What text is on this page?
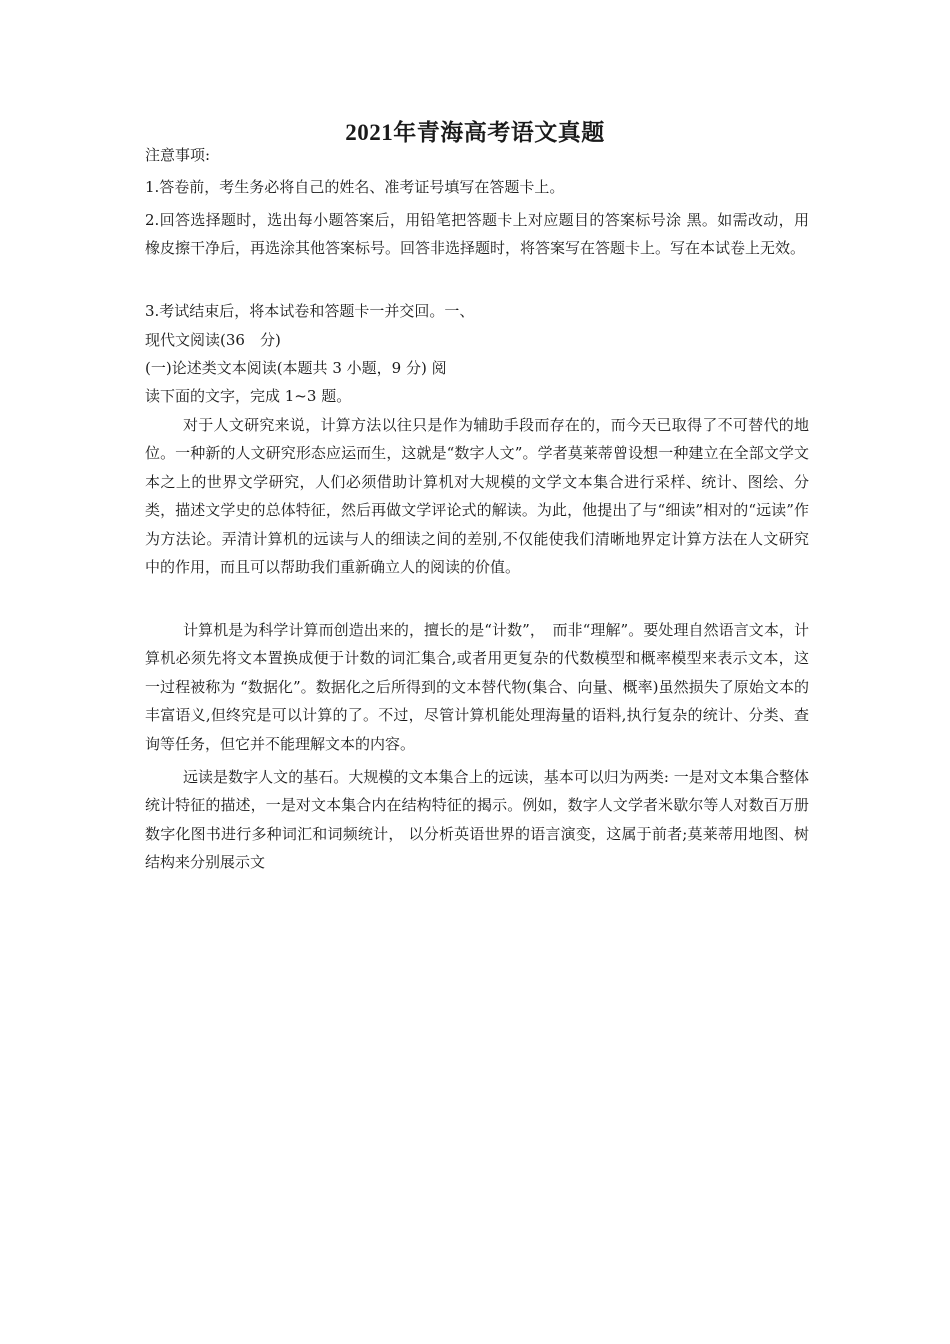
2021年青海高考语文真题
注意事项:
1.答卷前，考生务必将自己的姓名、准考证号填写在答题卡上。
2.回答选择题时，选出每小题答案后，用铅笔把答题卡上对应题目的答案标号涂 黑。如需改动，用橡皮擦干净后，再选涂其他答案标号。回答非选择题时，将答案写在答题卡上。写在本试卷上无效。
3.考试结束后，将本试卷和答题卡一并交回。一、
现代文阅读(36　分)
(一)论述类文本阅读(本题共 3 小题，9 分) 阅
读下面的文字，完成 1~3 题。
对于人文研究来说，计算方法以往只是作为辅助手段而存在的，而今天已取得了不可替代的地位。一种新的人文研究形态应运而生，这就是“数字人文”。学者莫莱蒂曾设想一种建立在全部文学文本之上的世界文学研究，人们必须借助计算机对大规模的文学文本集合进行采样、统计、图绘、分类，描述文学史的总体特征，然后再做文学评论式的解读。为此，他提出了与“细读”相对的“远读”作为方法论。弄清计算机的远读与人的细读之间的差别,不仅能使我们清晰地界定计算方法在人文研究中的作用，而且可以帮助我们重新确立人的阅读的价值。
计算机是为科学计算而创造出来的，擅长的是“计数”，　而非“理解”。要处理自然语言文本，计算机必须先将文本置换成便于计数的词汇集合,或者用更复杂的代数模型和概率模型来表示文本，这一过程被称为 “数据化”。数据化之后所得到的文本替代物(集合、向量、概率)虽然损失了原始文本的丰富语义,但终究是可以计算的了。不过，尽管计算机能处理海量的语料,执行复杂的统计、分类、查询等任务，但它并不能理解文本的内容。
远读是数字人文的基石。大规模的文本集合上的远读，基本可以归为两类: 一是对文本集合整体统计特征的描述，一是对文本集合内在结构特征的揭示。例如，数字人文学者米歇尔等人对数百万册数字化图书进行多种词汇和词频统计， 以分析英语世界的语言演变，这属于前者;莫莱蒂用地图、树结构来分别展示文
